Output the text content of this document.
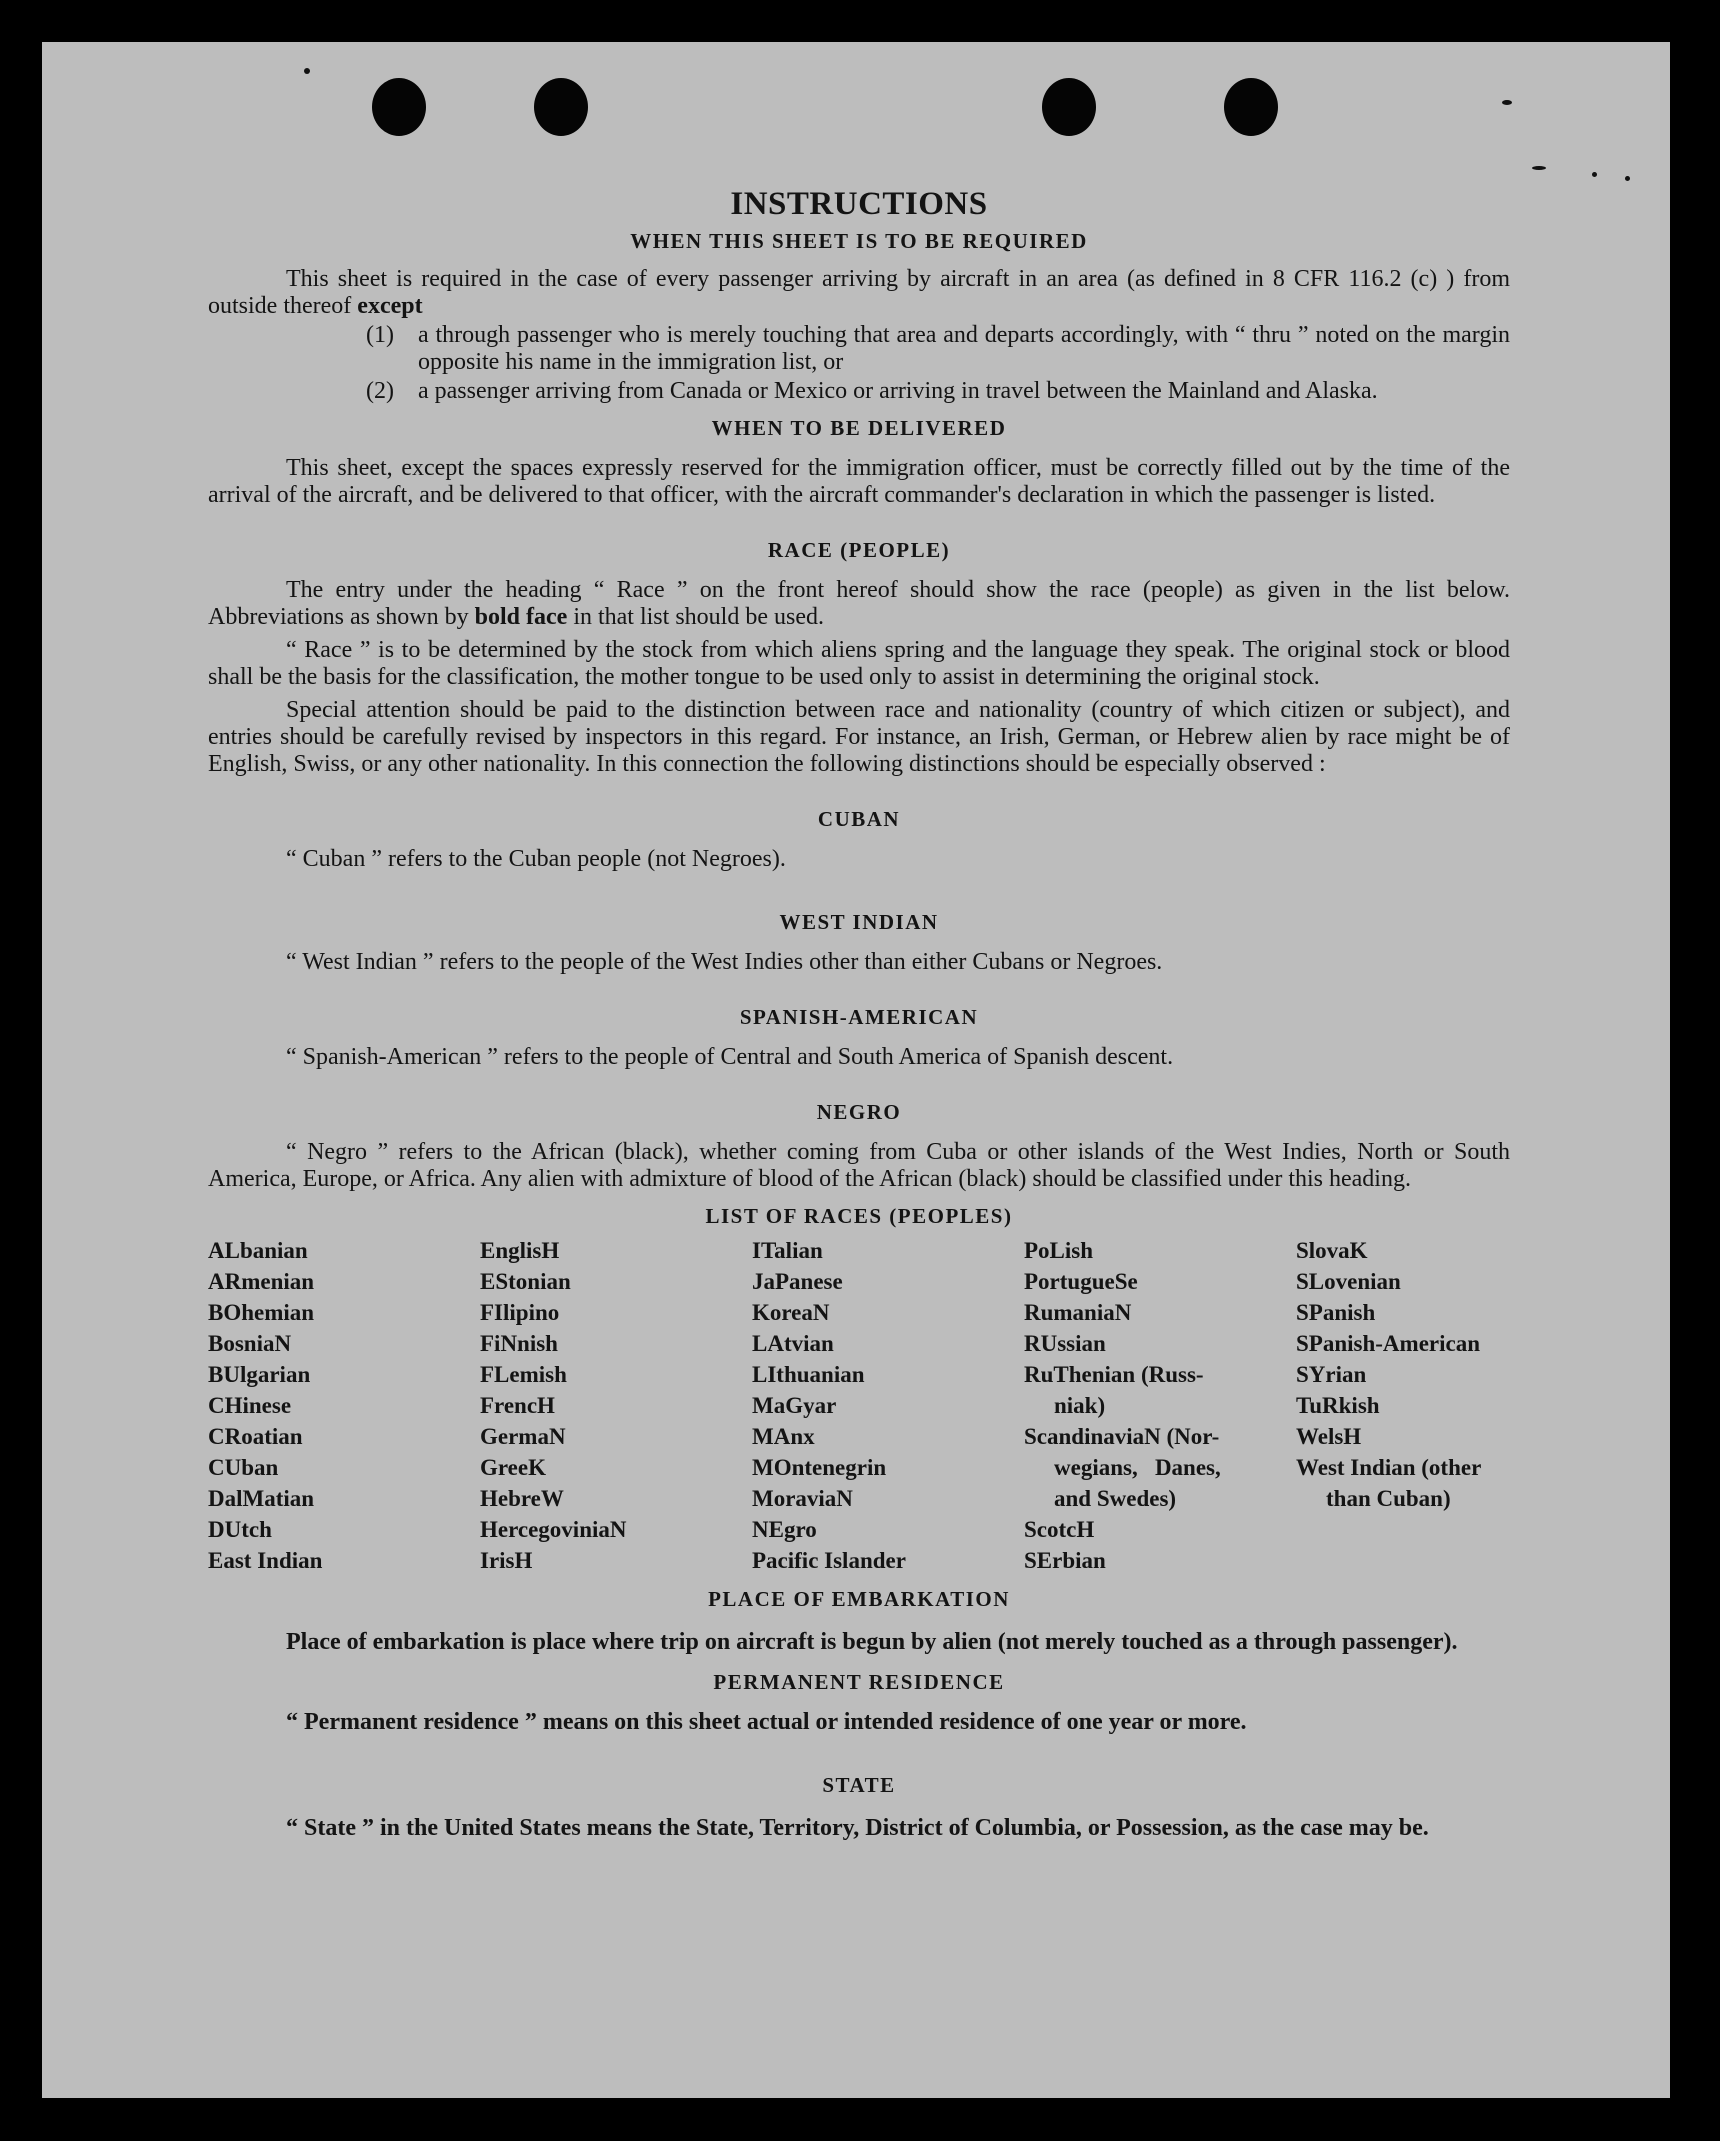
INSTRUCTIONS
WHEN THIS SHEET IS TO BE REQUIRED

This sheet is required in the case of every passenger arriving by aircraft in an area (as defined in 8 CFR 116.2 (c) ) from outside thereof except

(1)	a through passenger who is merely touching that area and departs accordingly, with “ thru ” noted on the margin opposite his name in the immigration list, or
(2)	a passenger arriving from Canada or Mexico or arriving in travel between the Mainland and Alaska.
WHEN TO BE DELIVERED

This sheet, except the spaces expressly reserved for the immigration officer, must be correctly filled out by the time of the arrival of the aircraft, and be delivered to that officer, with the aircraft commander's declaration in which the passenger is listed.

RACE (PEOPLE)

The entry under the heading “ Race ” on the front hereof should show the race (people) as given in the list below. Abbreviations as shown by bold face in that list should be used.

“ Race ” is to be determined by the stock from which aliens spring and the language they speak. The original stock or blood shall be the basis for the classification, the mother tongue to be used only to assist in determining the original stock.

Special attention should be paid to the distinction between race and nationality (country of which citizen or subject), and entries should be carefully revised by inspectors in this regard. For instance, an Irish, German, or Hebrew alien by race might be of English, Swiss, or any other nationality. In this connection the following distinctions should be especially observed :

CUBAN

“ Cuban ” refers to the Cuban people (not Negroes).

WEST INDIAN

“ West Indian ” refers to the people of the West Indies other than either Cubans or Negroes.

SPANISH-AMERICAN

“ Spanish-American ” refers to the people of Central and South America of Spanish descent.

NEGRO

“ Negro ” refers to the African (black), whether coming from Cuba or other islands of the West Indies, North or South America, Europe, or Africa. Any alien with admixture of blood of the African (black) should be classified under this heading.

LIST OF RACES (PEOPLES)
ALbanian
ARmenian
BOhemian
BosniaN
BUlgarian
CHinese
CRoatian
CUban
DalMatian
DUtch
East Indian
EnglisH
EStonian
FIlipino
FiNnish
FLemish
FrencH
GermaN
GreeK
HebreW
HercegoviniaN
IrisH
ITalian
JaPanese
KoreaN
LAtvian
LIthuanian
MaGyar
MAnx
MOntenegrin
MoraviaN
NEgro
Pacific Islander
PoLish
PortugueSe
RumaniaN
RUssian
RuThenian (Russ-
niak)
ScandinaviaN (Nor-
wegians,   Danes,
and Swedes)
ScotcH
SErbian
SlovaK
SLovenian
SPanish
SPanish-American
SYrian
TuRkish
WelsH
West Indian (other
than Cuban)
PLACE OF EMBARKATION

Place of embarkation is place where trip on aircraft is begun by alien (not merely touched as a through passenger).

PERMANENT RESIDENCE

“ Permanent residence ” means on this sheet actual or intended residence of one year or more.

STATE

“ State ” in the United States means the State, Territory, District of Columbia, or Possession, as the case may be.
